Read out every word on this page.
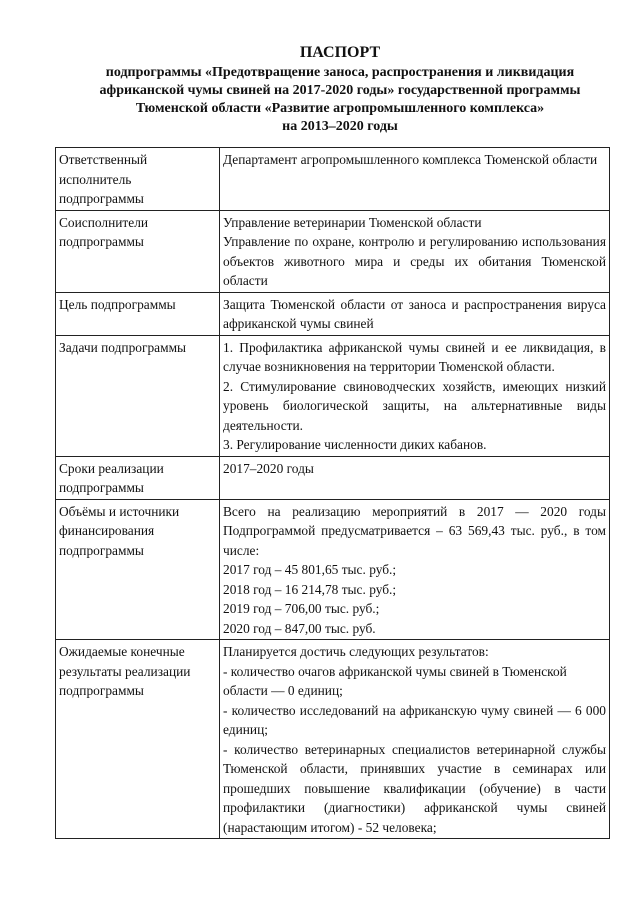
ПАСПОРТ
подпрограммы «Предотвращение заноса, распространения и ликвидация
африканской чумы свиней на 2017-2020 годы» государственной программы
Тюменской области «Развитие агропромышленного комплекса»
на 2013–2020 годы
Ответственный исполнитель подпрограммы	Департамент агропромышленного комплекса Тюменской области

Соисполнители подпрограммы	Управление ветеринарии Тюменской области
Управление по охране, контролю и регулированию использования объектов животного мира и среды их обитания Тюменской области

Цель подпрограммы	Защита Тюменской области от заноса и распространения вируса африканской чумы свиней

Задачи подпрограммы	1. Профилактика африканской чумы свиней и ее ликвидация, в случае возникновения на территории Тюменской области.
2. Стимулирование свиноводческих хозяйств, имеющих низкий уровень биологической защиты, на альтернативные виды деятельности.
3. Регулирование численности диких кабанов.

Сроки реализации подпрограммы	2017–2020 годы

Объёмы и источники финансирования подпрограммы	Всего на реализацию мероприятий в 2017 — 2020 годы Подпрограммой предусматривается – 63 569,43 тыс. руб., в том числе:
2017 год – 45 801,65 тыс. руб.;
2018 год – 16 214,78 тыс. руб.;
2019 год – 706,00 тыс. руб.;
2020 год – 847,00 тыс. руб.

Ожидаемые конечные результаты реализации подпрограммы	Планируется достичь следующих результатов:
- количество очагов африканской чумы свиней в Тюменской области — 0 единиц;
- количество исследований на африканскую чуму свиней — 6 000 единиц;
- количество ветеринарных специалистов ветеринарной службы Тюменской области, принявших участие в семинарах или прошедших повышение квалификации (обучение) в части профилактики (диагностики) африканской чумы свиней (нарастающим итогом) - 52 человека;
